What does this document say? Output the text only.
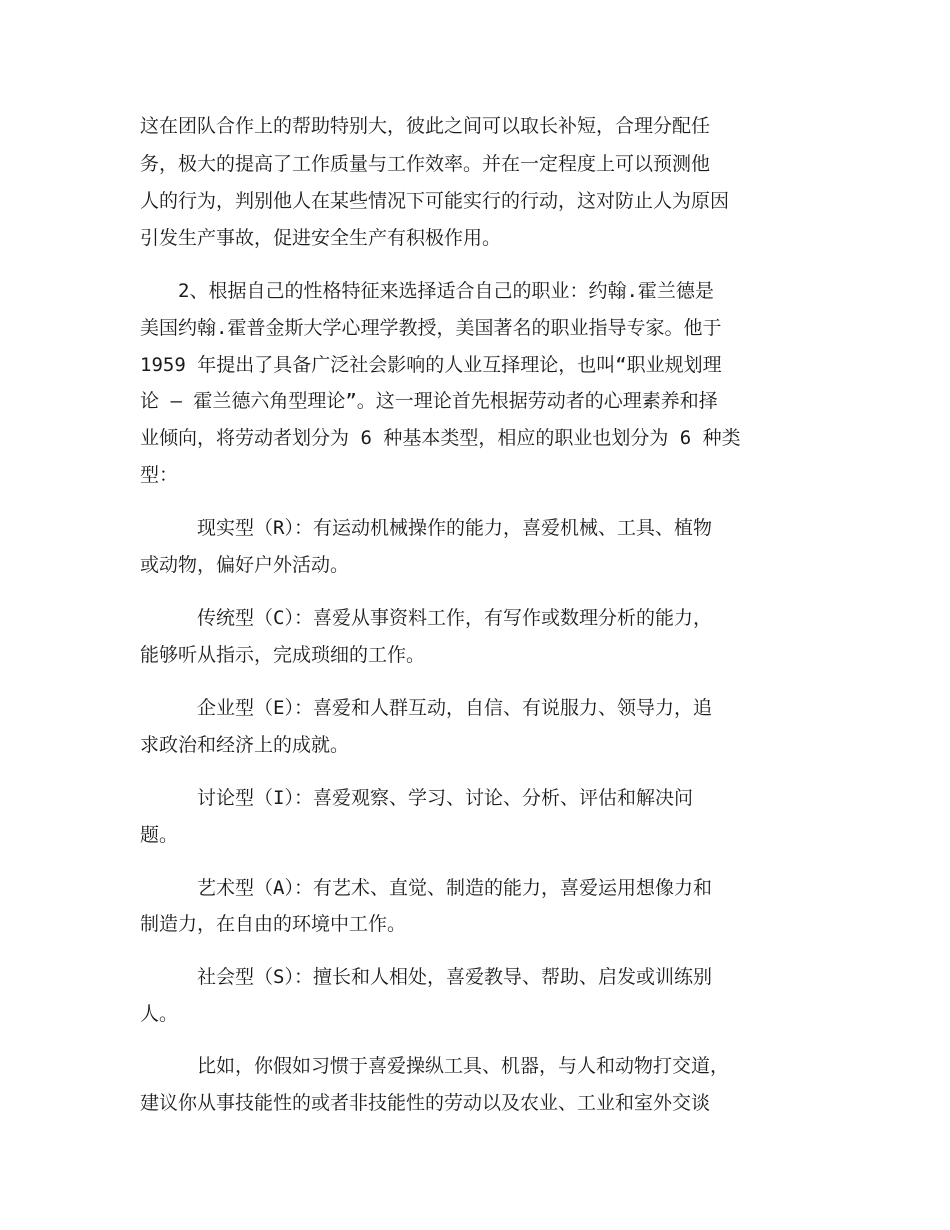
这在团队合作上的帮助特别大，彼此之间可以取长补短，合理分配任

务，极大的提高了工作质量与工作效率。并在一定程度上可以预测他

人的行为，判别他人在某些情况下可能实行的行动，这对防止人为原因

引发生产事故，促进安全生产有积极作用。

　　2、根据自己的性格特征来选择适合自己的职业：约翰.霍兰德是

美国约翰.霍普金斯大学心理学教授，美国著名的职业指导专家。他于

1959 年提出了具备广泛社会影响的人业互择理论，也叫“职业规划理

论 – 霍兰德六角型理论”。这一理论首先根据劳动者的心理素养和择

业倾向，将劳动者划分为 6 种基本类型，相应的职业也划分为 6 种类

型：

　　　现实型（R）：有运动机械操作的能力，喜爱机械、工具、植物

或动物，偏好户外活动。

　　　传统型（C）：喜爱从事资料工作，有写作或数理分析的能力，

能够听从指示，完成琐细的工作。

　　　企业型（E）：喜爱和人群互动，自信、有说服力、领导力，追

求政治和经济上的成就。

　　　讨论型（I）：喜爱观察、学习、讨论、分析、评估和解决问

题。

　　　艺术型（A）：有艺术、直觉、制造的能力，喜爱运用想像力和

制造力，在自由的环境中工作。

　　　社会型（S）：擅长和人相处，喜爱教导、帮助、启发或训练别

人。

　　　比如，你假如习惯于喜爱操纵工具、机器，与人和动物打交道，

建议你从事技能性的或者非技能性的劳动以及农业、工业和室外交谈
